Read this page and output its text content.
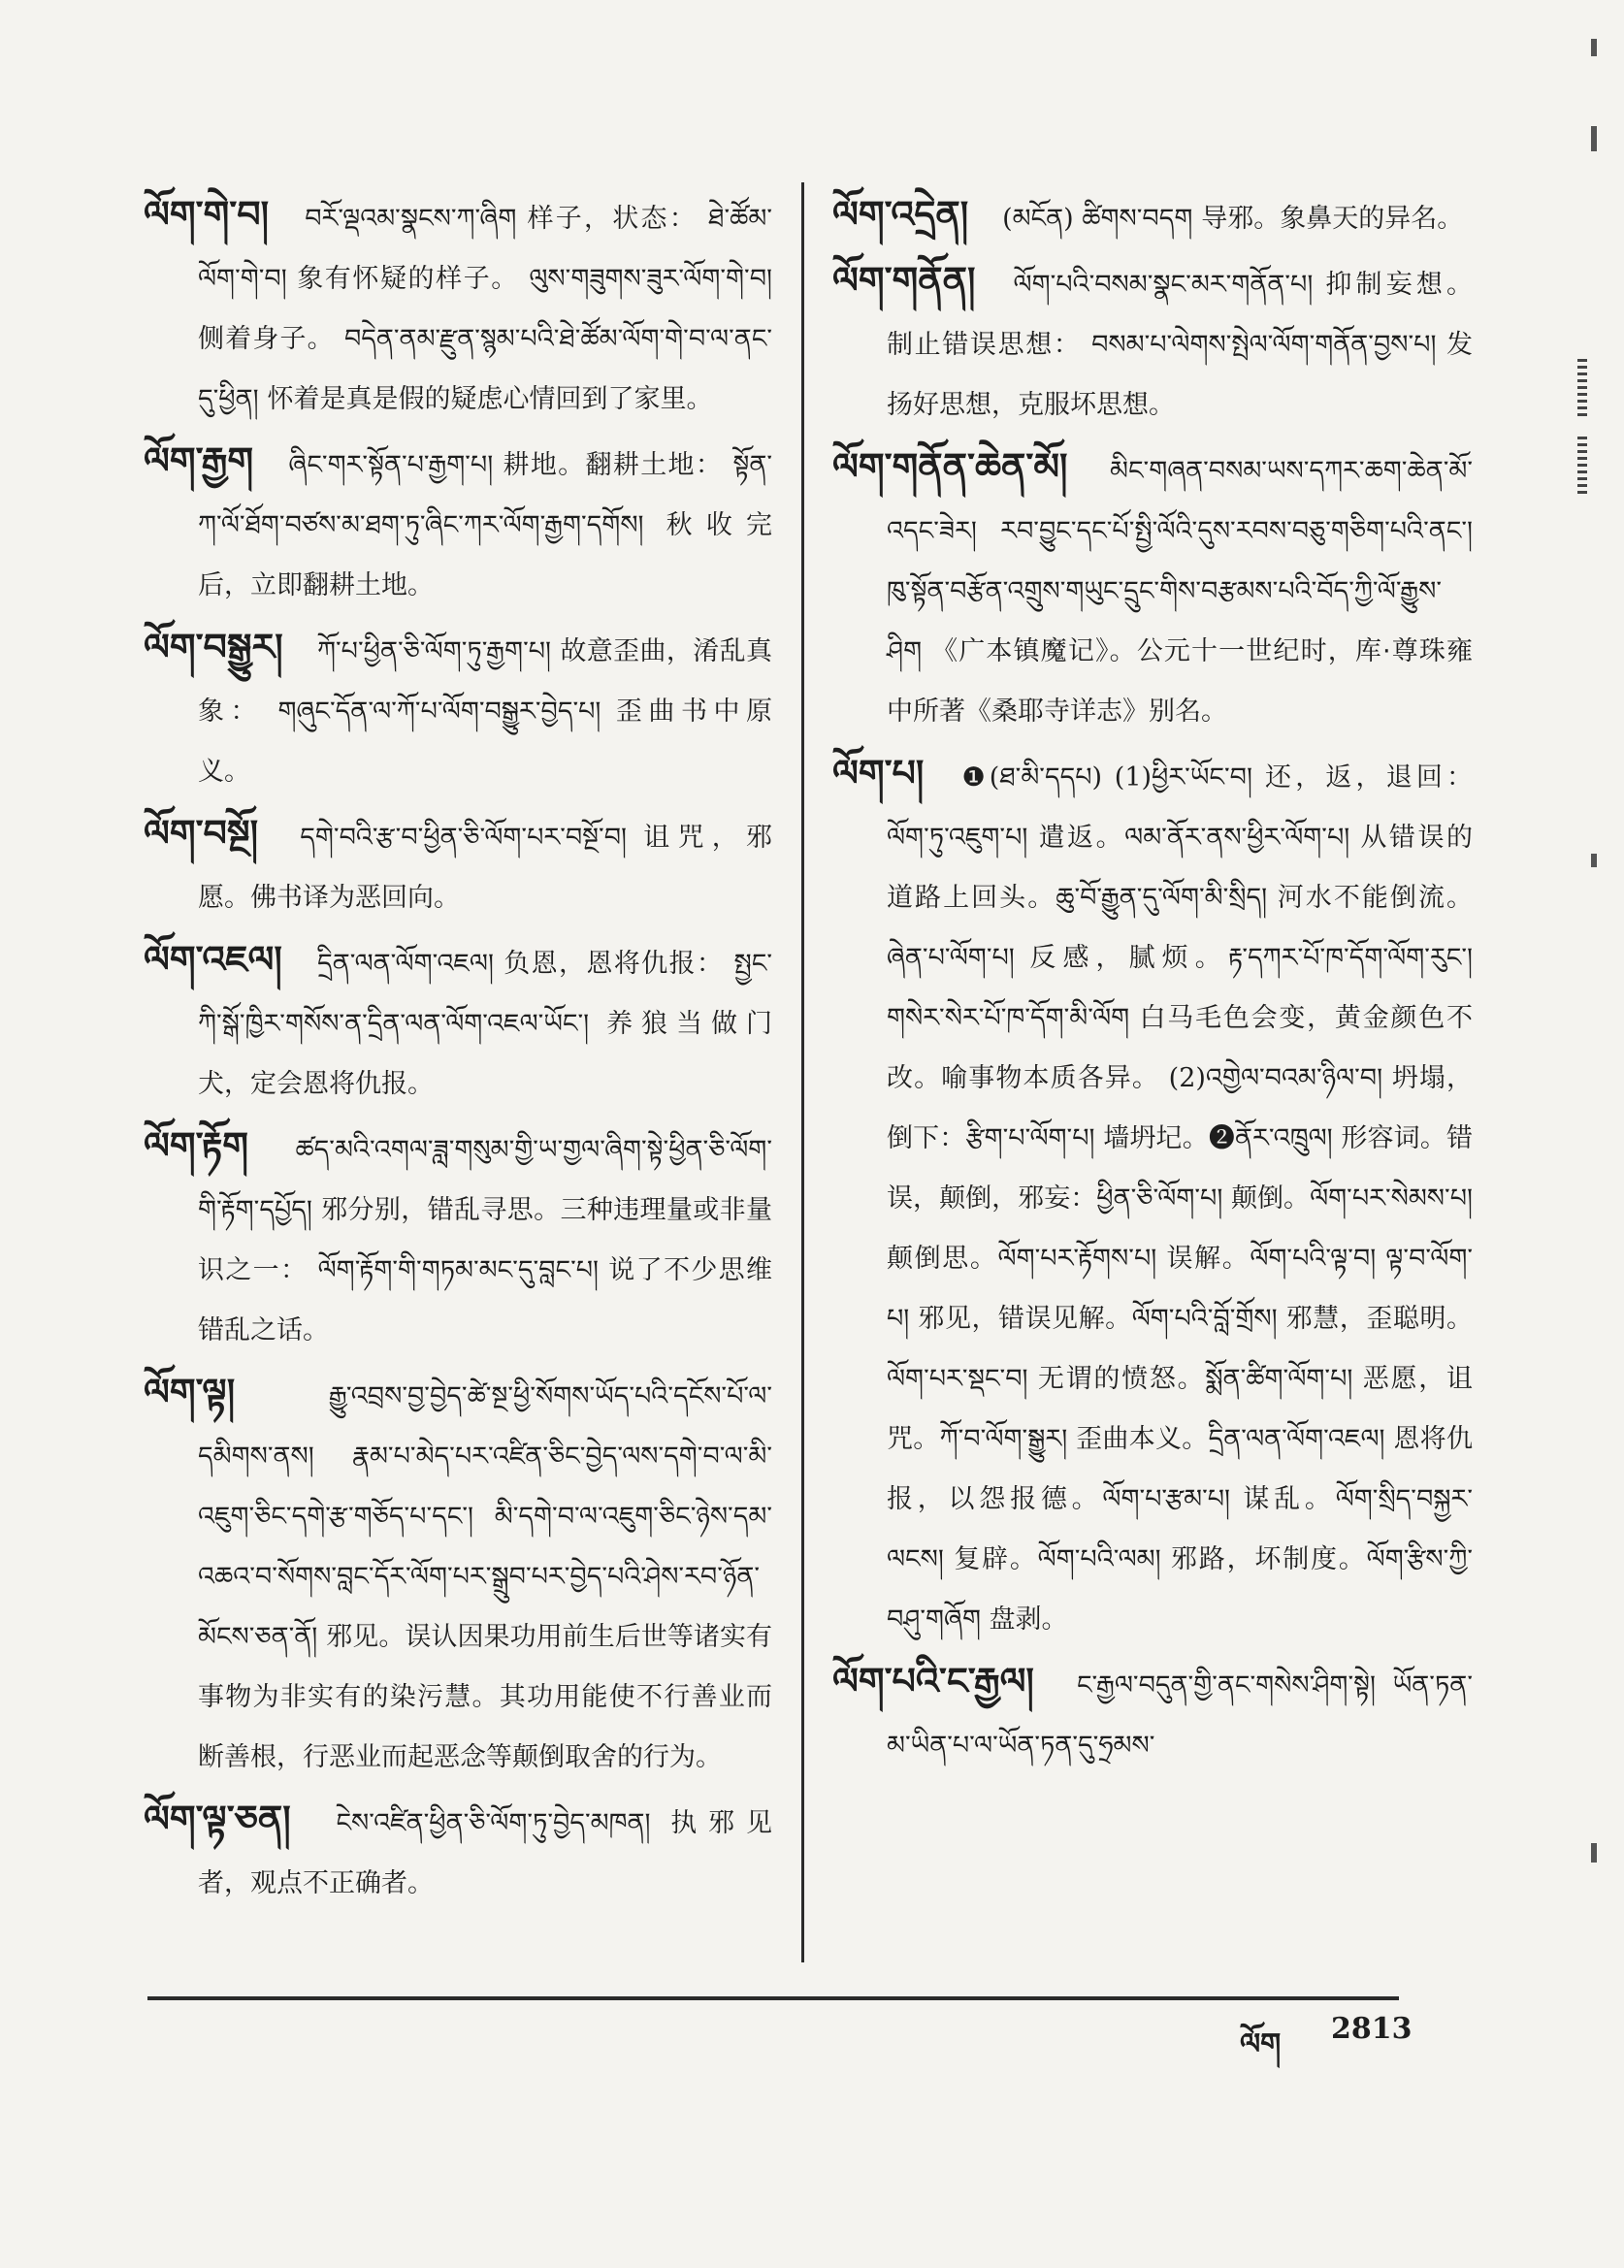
ལོག་གེ་བ། བཪོ་ལྡའམ་སྣངས་ཀ་ཞིག 样子，状态： ཐེ་ཚོམ་ལོག་གེ་བ། 象有怀疑的样子。 ལུས་གཟུགས་ཟུར་ལོག་གེ་བ། 侧着身子。 བདེན་ནམ་རྫུན་སྙམ་པའི་ཐེ་ཚོམ་ལོག་གེ་བ་ལ་ནང་དུ་ཕྱིན། 怀着是真是假的疑虑心情回到了家里。

ལོག་རྒྱག ཞིང་གར་སྟོན་པ་རྒྱག་པ། 耕地。翻耕土地： སྟོན་ཀ་ལོ་ཐོག་བཙས་མ་ཐག་ཏུ་ཞིང་ཀར་ལོག་རྒྱག་དགོས། 秋收完后，立即翻耕土地。

ལོག་བསྒྱུར། ཀོ་པ་ཕྱིན་ཅི་ལོག་ཏུ་རྒྱག་པ། 故意歪曲，淆乱真象： གཞུང་དོན་ལ་ཀོ་པ་ལོག་བསྒྱུར་བྱེད་པ། 歪曲书中原义。

ལོག་བསྔོ། དགེ་བའི་རྩ་བ་ཕྱིན་ཅི་ལོག་པར་བསྔོ་བ། 诅咒，邪愿。佛书译为恶回向。

ལོག་འཇལ། དྲིན་ལན་ལོག་འཇལ། 负恩，恩将仇报： སྤྱང་ཀི་སྒོ་ཁྱིར་གསོས་ན་དྲིན་ལན་ལོག་འཇལ་ཡོང་། 养狼当做门犬，定会恩将仇报。

ལོག་རྟོག ཚད་མའི་འགལ་ཟླ་གསུམ་གྱི་ཡ་གྱལ་ཞིག་སྟེ་ཕྱིན་ཅི་ལོག་གི་རྟོག་དཔྱོད། 邪分别，错乱寻思。三种违理量或非量识之一： ལོག་རྟོག་གི་གཏམ་མང་དུ་བླང་པ། 说了不少思维错乱之话。

ལོག་ལྟ།	རྒྱུ་འབྲས་བྱ་བྱེད་ཚེ་སྔ་ཕྱི་སོགས་ཡོད་པའི་དངོས་པོ་ལ་དམིགས་ནས། རྣམ་པ་མེད་པར་འཛིན་ཅིང་བྱེད་ལས་དགེ་བ་ལ་མི་འཇུག་ཅིང་དགེ་རྩ་གཅོད་པ་དང་། མི་དགེ་བ་ལ་འཇུག་ཅིང་ཉེས་དམ་འཆའ་བ་སོགས་བླང་དོར་ལོག་པར་སྒྲུབ་པར་བྱེད་པའི་ཤེས་རབ་ཉོན་མོངས་ཅན་ནོ། 邪见。误认因果功用前生后世等诸实有事物为非实有的染污慧。其功用能使不行善业而断善根，行恶业而起恶念等颠倒取舍的行为。

ལོག་ལྟ་ཅན། ངེས་འཛིན་ཕྱིན་ཅི་ལོག་ཏུ་བྱེད་མཁན། 执邪见者，观点不正确者。

ལོག་འདྲེན། (མངོན) ཚིགས་བདག 导邪。象鼻天的异名。

ལོག་གནོན། ལོག་པའི་བསམ་སྣང་མར་གནོན་པ། 抑制妄想。制止错误思想： བསམ་པ་ལེགས་སྤེལ་ལོག་གནོན་བྱས་པ། 发扬好思想，克服坏思想。

ལོག་གནོན་ཆེན་མོ། མིང་གཞན་བསམ་ཡས་དཀར་ཆག་ཆེན་མོ་འདང་ཟེར། རབ་བྱུང་དང་པོ་སྤྱི་ལོའི་དུས་རབས་བཅུ་གཅིག་པའི་ནང་། ཁུ་སྟོན་བརྩོན་འགྲུས་གཡུང་དྲུང་གིས་བརྩམས་པའི་བོད་ཀྱི་ལོ་རྒྱུས་ཤིག 《广本镇魔记》。公元十一世纪时，库·尊珠雍中所著《桑耶寺详志》别名。

ལོག་པ། ❶(ཐ་མི་དདཔ) (1)ཕྱིར་ཡོང་བ། 还，返，退回： ལོག་ཏུ་འཇུག་པ། 遣返。ལམ་ནོར་ནས་ཕྱིར་ལོག་པ། 从错误的道路上回头。ཆུ་བོ་རྒྱུན་དུ་ལོག་མི་སྲིད། 河水不能倒流。ཞེན་པ་ལོག་པ། 反感，腻烦。རྟ་དཀར་པོ་ཁ་དོག་ལོག་རུང་། གསེར་སེར་པོ་ཁ་དོག་མི་ལོག 白马毛色会变，黄金颜色不改。喻事物本质各异。 (2)འགྱེལ་བའམ་ཉིལ་བ། 坍塌，倒下：རྩིག་པ་ལོག་པ། 墙坍圮。❷ནོར་འཁྲུལ། 形容词。错误，颠倒，邪妄：ཕྱིན་ཅི་ལོག་པ། 颠倒。ལོག་པར་སེམས་པ། 颠倒思。ལོག་པར་རྟོགས་པ། 误解。ལོག་པའི་ལྟ་བ། ལྟ་བ་ལོག་པ། 邪见，错误见解。ལོག་པའི་བློ་གྲོས། 邪慧，歪聪明。ལོག་པར་སྡང་བ། 无谓的愤怒。སྨོན་ཚིག་ལོག་པ། 恶愿，诅咒。ཀོ་བ་ལོག་སྒྱུར། 歪曲本义。དྲིན་ལན་ལོག་འཇལ། 恩将仇报，以怨报德。ལོག་པ་རྩམ་པ། 谋乱。ལོག་སྲིད་བསྐྱར་ལངས། 复辟。ལོག་པའི་ལམ། 邪路，坏制度。ལོག་རྩིས་ཀྱི་བཤུ་གཞོག 盘剥。

ལོག་པའི་ང་རྒྱལ། ང་རྒྱལ་བདུན་གྱི་ནང་གསེས་ཤིག་སྟེ། ཡོན་ཏན་མ་ཡིན་པ་ལ་ཡོན་ཏན་དུ་ཧྲམས་

ལོག 2813
